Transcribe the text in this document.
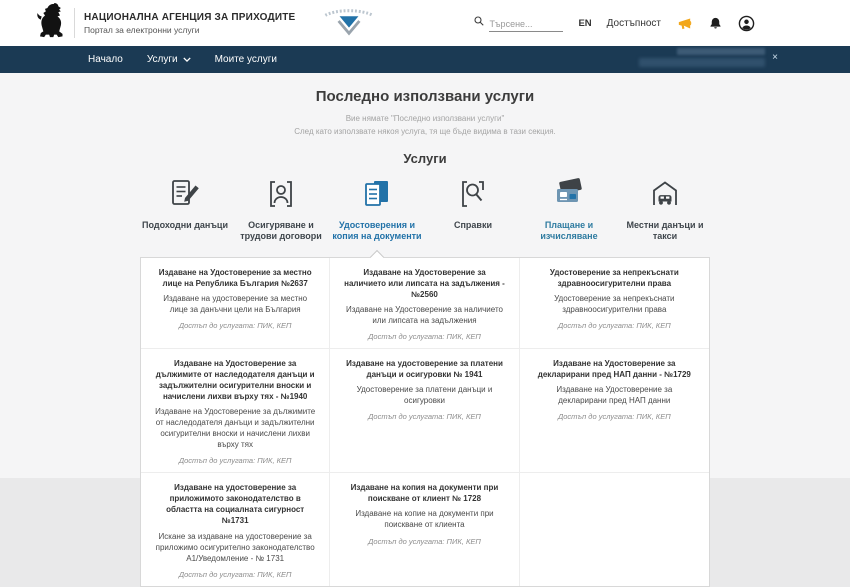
НАЦИОНАЛНА АГЕНЦИЯ ЗА ПРИХОДИТЕ
Портал за електронни услуги
Търсене...
EN Достъпност
Начало Услуги	Моите услуги	×
Последно използвани услуги
Вие нямате "Последно използвани услуги"
След като използвате някоя услуга, тя ще бъде видима в тази секция.
Услуги
Подоходни данъци	Осигуряване и трудови договори
Удостоверения и копия на документи
Справки	Плащане и изчисляване
Местни данъци и такси
Издаване на Удостоверение за местно лице на Република България №2637
Издаване на удостоверение за местно лице за данъчни цели на България
Достъп до услугата: ПИК, КЕП
Издаване на Удостоверение за наличието или липсата на задължения - №2560
Издаване на Удостоверение за наличието или липсата на задължения
Достъп до услугата: ПИК, КЕП
Удостоверение за непрекъснати здравноосигурителни права
Удостоверение за непрекъснати здравноосигурителни права
Достъп до услугата: ПИК, КЕП
Издаване на Удостоверение за дължимите от наследодателя данъци и задължителни осигурителни вноски и начислени лихви върху тях - №1940
Издаване на Удостоверение за дължимите от наследодателя данъци и задължителни осигурителни вноски и начислени лихви върху тях
Достъп до услугата: ПИК, КЕП
Издаване на удостоверение за платени данъци и осигуровки № 1941
Удостоверение за платени данъци и осигуровки
Достъп до услугата: ПИК, КЕП
Издаване на Удостоверение за декларирани пред НАП данни - №1729
Издаване на Удостоверение за декларирани пред НАП данни
Достъп до услугата: ПИК, КЕП
Издаване на удостоверение за приложимото законодателство в областта на социалната сигурност №1731
Искане за издаване на удостоверение за приложимо осигурително законодателство А1/Уведомление - № 1731
Достъп до услугата: ПИК, КЕП
Издаване на копия на документи при поискване от клиент № 1728
Издаване на копие на документи при поискване от клиента
Достъп до услугата: ПИК, КЕП
